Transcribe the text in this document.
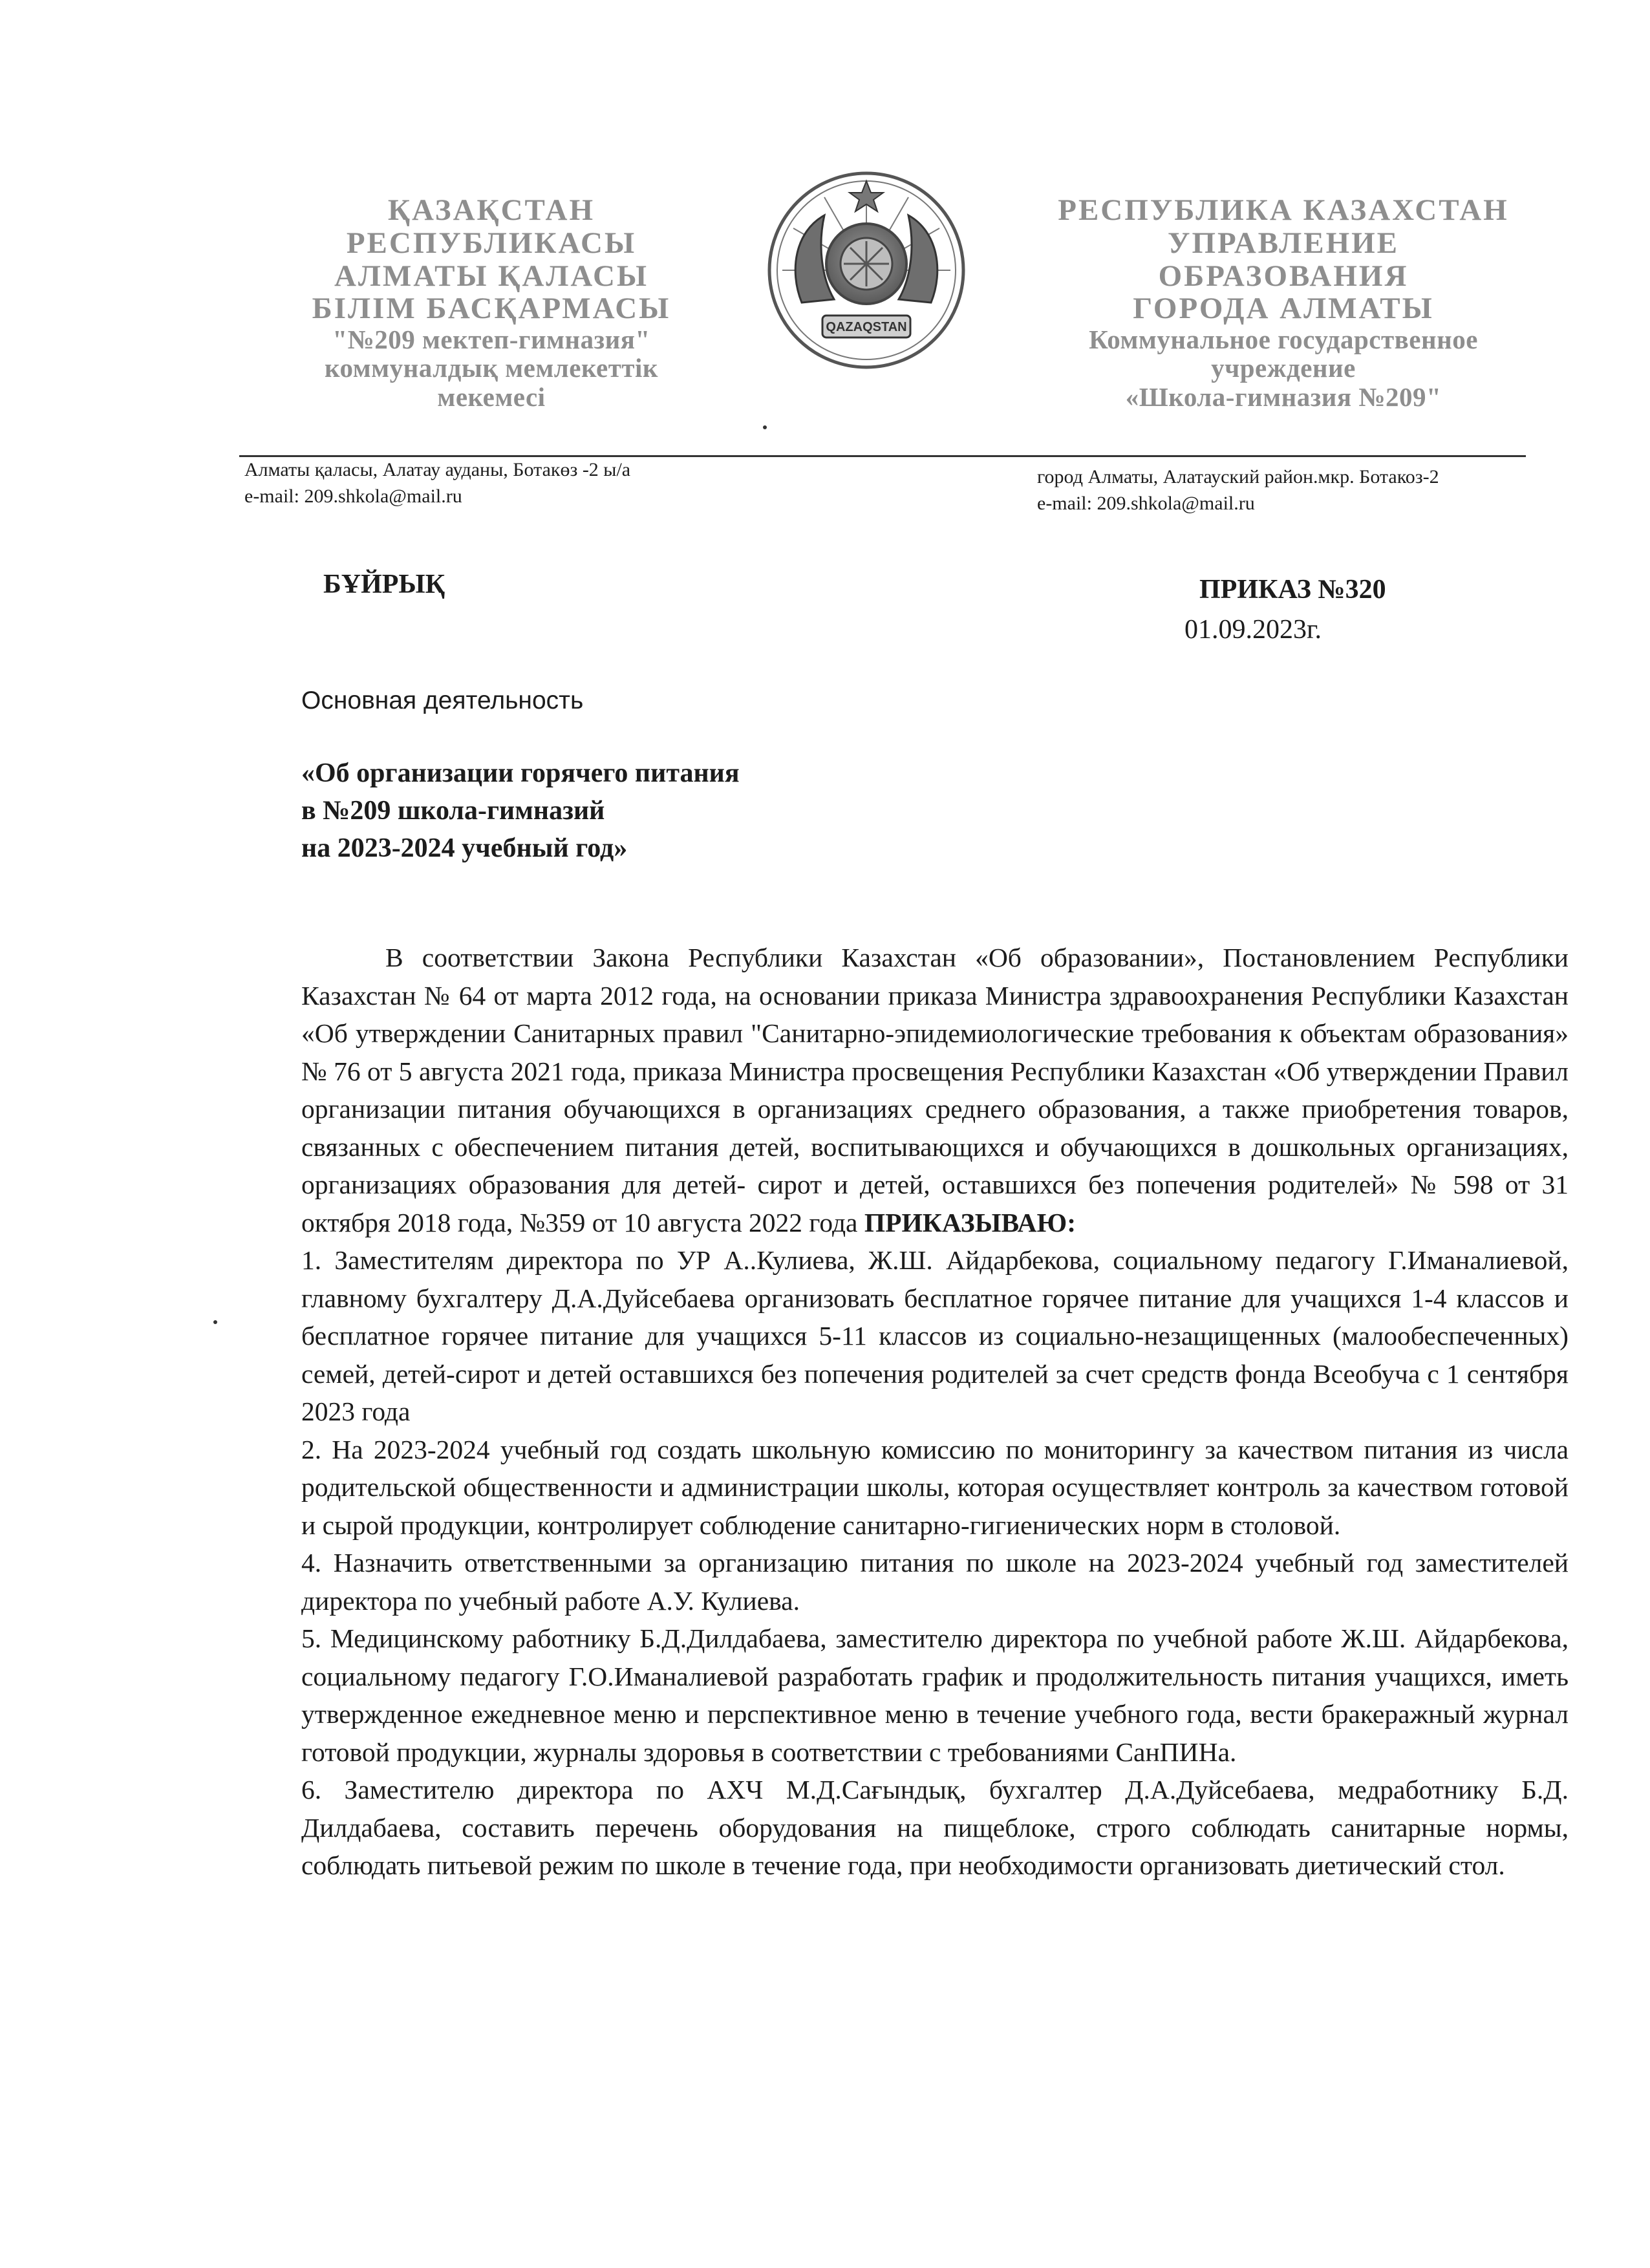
ҚАЗАҚСТАН
РЕСПУБЛИКАСЫ
АЛМАТЫ ҚАЛАСЫ
БІЛІМ БАСҚАРМАСЫ
"№209 мектеп-гимназия"
коммуналдық мемлекеттік
мекемесі
QAZAQSTAN
РЕСПУБЛИКА КАЗАХСТАН
УПРАВЛЕНИЕ
ОБРАЗОВАНИЯ
ГОРОДА АЛМАТЫ
Коммунальное государственное
учреждение
«Школа-гимназия №209"
Алматы қаласы, Алатау ауданы, Ботакөз -2 ы/а
e-mail: 209.shkola@mail.ru
город Алматы, Алатауский район.мкр. Ботакоз-2
e-mail: 209.shkola@mail.ru
БҰЙРЫҚ	ПРИКАЗ №320
01.09.2023г.
Основная деятельность
«Об организации горячего питания
в №209 школа-гимназий
на 2023-2024 учебный год»

В соответствии Закона Республики Казахстан «Об образовании», Постановлением Республики Казахстан № 64 от марта 2012 года, на основании приказа Министра здравоохранения Республики Казахстан «Об утверждении Санитарных правил "Санитарно-эпидемиологические требования к объектам образования» № 76 от 5 августа 2021 года, приказа Министра просвещения Республики Казахстан «Об утверждении Правил организации питания обучающихся в организациях среднего образования, а также приобретения товаров, связанных с обеспечением питания детей, воспитывающихся и обучающихся в дошкольных организациях, организациях образования для детей- сирот и детей, оставшихся без попечения родителей» № 598 от 31 октября 2018 года, №359 от 10 августа 2022 года ПРИКАЗЫВАЮ:

1. Заместителям директора по УР А..Кулиева, Ж.Ш. Айдарбекова, социальному педагогу Г.Иманалиевой, главному бухгалтеру Д.А.Дуйсебаева организовать бесплатное горячее питание для учащихся 1-4 классов и бесплатное горячее питание для учащихся 5-11 классов из социально-незащищенных (малообеспеченных) семей, детей-сирот и детей оставшихся без попечения родителей за счет средств фонда Всеобуча с 1 сентября 2023 года

2. На 2023-2024 учебный год создать школьную комиссию по мониторингу за качеством питания из числа родительской общественности и администрации школы, которая осуществляет контроль за качеством готовой и сырой продукции, контролирует соблюдение санитарно-гигиенических норм в столовой.

4. Назначить ответственными за организацию питания по школе на 2023-2024 учебный год заместителей директора по учебный работе А.У. Кулиева.

5. Медицинскому работнику Б.Д.Дилдабаева, заместителю директора по учебной работе Ж.Ш. Айдарбекова, социальному педагогу Г.О.Иманалиевой разработать график и продолжительность питания учащихся, иметь утвержденное ежедневное меню и перспективное меню в течение учебного года, вести бракеражный журнал готовой продукции, журналы здоровья в соответствии с требованиями СанПИНа.

6. Заместителю директора по АХЧ М.Д.Сағындық, бухгалтер Д.А.Дуйсебаева, медработнику Б.Д. Дилдабаева, составить перечень оборудования на пищеблоке, строго соблюдать санитарные нормы, соблюдать питьевой режим по школе в течение года, при необходимости организовать диетический стол.
